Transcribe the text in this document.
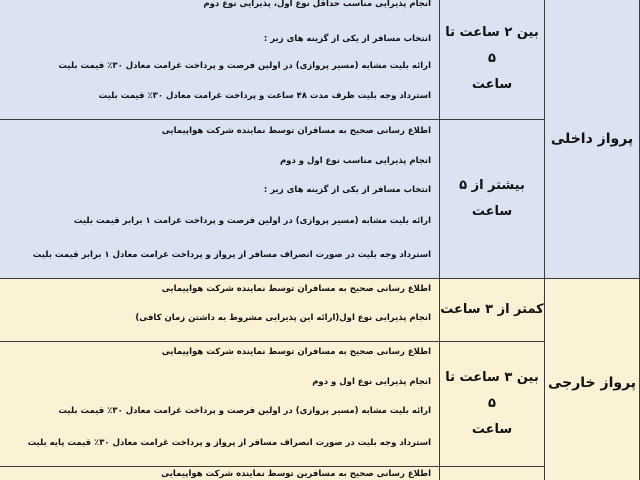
پرواز داخلی
بین ۲ ساعت تا ۵
ساعت
انجام پذیرایی مناسب حداقل نوع اول، پذیرایی نوع دوم
انتخاب مسافر از یکی از گزینه های زیر :
ارائه بلیت مشابه (مسیر پروازی) در اولین فرصت و پرداخت غرامت معادل ۳۰٪ قیمت بلیت
استرداد وجه بلیت ظرف مدت ۴۸ ساعت و پرداخت غرامت معادل ۳۰٪ قیمت بلیت
بیشتر از ۵ ساعت
اطلاع رسانی صحیح به مسافران توسط نماینده شرکت هواپیمایی
انجام پذیرایی مناسب نوع اول و دوم
انتخاب مسافر از یکی از گزینه های زیر :
ارائه بلیت مشابه (مسیر پروازی) در اولین فرصت و پرداخت غرامت ۱ برابر قیمت بلیت
استرداد وجه بلیت در صورت انصراف مسافر از پرواز و پرداخت غرامت معادل ۱ برابر قیمت بلیت
پرواز خارجی
کمتر از ۳ ساعت
اطلاع رسانی صحیح به مسافران توسط نماینده شرکت هواپیمایی
انجام پذیرایی نوع اول(ارائه این پذیرایی مشروط به داشتن زمان کافی)
بین ۳ ساعت تا ۵
ساعت
اطلاع رسانی صحیح به مسافران توسط نماینده شرکت هواپیمایی
انجام پذیرایی نوع اول و دوم
ارائه بلیت مشابه (مسیر پروازی) در اولین فرصت و پرداخت غرامت معادل ۳۰٪ قیمت بلیت
استرداد وجه بلیت در صورت انصراف مسافر از پرواز و پرداخت غرامت معادل ۳۰٪ قیمت پایه بلیت
اطلاع رسانی صحیح به مسافرین توسط نماینده شرکت هواپیمایی
